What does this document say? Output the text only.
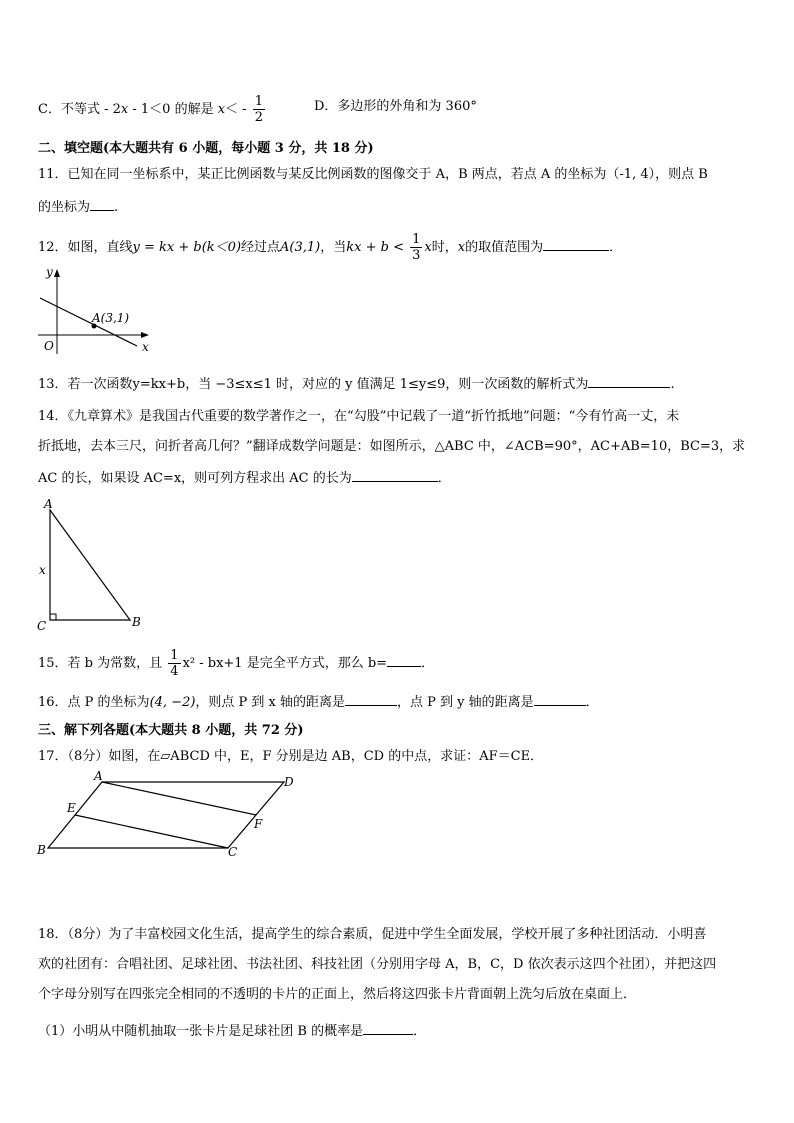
C．不等式 - 2x - 1＜0 的解是 $x< - \frac{1}{2}$	D．多边形的外角和为 360°
二、填空题(本大题共有 6 小题，每小题 3 分，共 18 分)
11．已知在同一坐标系中，某正比例函数与某反比例函数的图像交于 A，B 两点，若点 A 的坐标为（-1, 4），则点 B
的坐标为 .
12．如图，直线y = kx + b(k＜0)经过点A(3,1)，当kx + $b < \frac{1}{3}$ x时，x的取值范围为	．
y
x
O
A(3,1)
13．若一次函数y=kx+b，当 −3≤x≤1 时，对应的 y 值满足 1≤y≤9，则一次函数的解析式为	.
14．《九章算术》是我国古代重要的数学著作之一，在“勾股”中记载了一道“折竹抵地”问题：“今有竹高一丈，未
折抵地，去本三尺，问折者高几何？”翻译成数学问题是：如图所示，△ABC 中，∠ACB=90°，AC+AB=10，BC=3，求
AC 的长，如果设 AC=x，则可列方程求出 AC 的长为	．
A
B
C
x
15．若 b 为常数，且 $\frac{1}{4} x^2 - bx+1$ 是完全平方式，那么 b=	．
16．点 P 的坐标为(4, −2)，则点 P 到 x 轴的距离是	，点 P 到 y 轴的距离是	．
三、解下列各题(本大题共 8 小题，共 72 分)
17．（8分）如图，在▱ABCD 中，E，F 分别是边 AB，CD 的中点，求证：AF＝CE．
A	D
B	C
E
F
18．（8分）为了丰富校园文化生活，提高学生的综合素质，促进中学生全面发展，学校开展了多种社团活动．小明喜
欢的社团有：合唱社团、足球社团、书法社团、科技社团（分别用字母 A，B，C，D 依次表示这四个社团），并把这四
个字母分别写在四张完全相同的不透明的卡片的正面上，然后将这四张卡片背面朝上洗匀后放在桌面上．
（1）小明从中随机抽取一张卡片是足球社团 B 的概率是	．
